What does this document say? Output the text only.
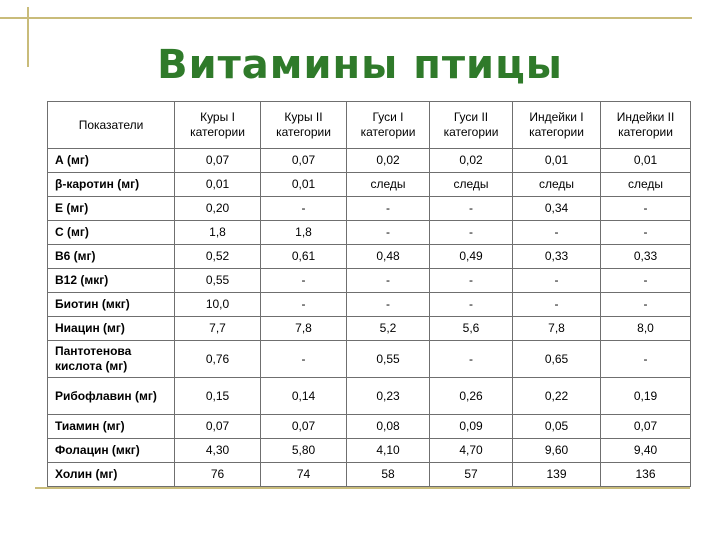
Витамины птицы
Показатели	Куры I категории	Куры II категории	Гуси I категории	Гуси II категории	Индейки I категории	Индейки II категории
А (мг)	0,07	0,07	0,02	0,02	0,01	0,01
β-каротин (мг)	0,01	0,01	следы	следы	следы	следы
Е (мг)	0,20	-	-	-	0,34	-
С (мг)	1,8	1,8	-	-	-	-
В6 (мг)	0,52	0,61	0,48	0,49	0,33	0,33
В12 (мкг)	0,55	-	-	-	-	-
Биотин (мкг)	10,0	-	-	-	-	-
Ниацин (мг)	7,7	7,8	5,2	5,6	7,8	8,0
Пантотенова кислота (мг)	0,76	-	0,55	-	0,65	-
Рибофлавин (мг)	0,15	0,14	0,23	0,26	0,22	0,19
Тиамин (мг)	0,07	0,07	0,08	0,09	0,05	0,07
Фолацин (мкг)	4,30	5,80	4,10	4,70	9,60	9,40
Холин (мг)	76	74	58	57	139	136
